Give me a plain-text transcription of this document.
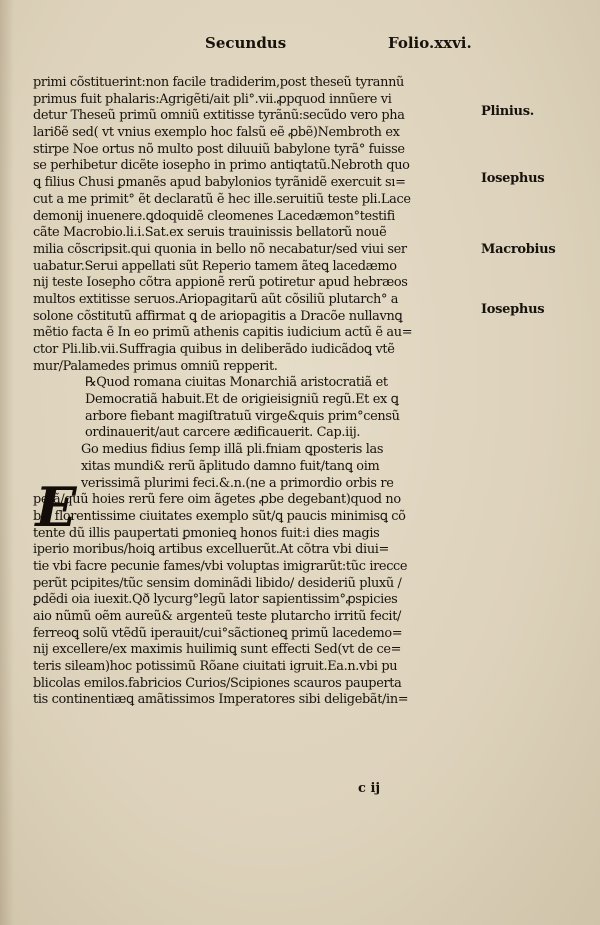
Secundus	Folio.xxvi.
primi cõstituerint:non facile tradiderim,post theseũ tyrannũ
primus fuit phalaris:Agrigẽti/ait pli°.vii.ꝓpquod innũere vi
detur Theseũ primũ omniũ extitisse tyrãnũ:secũdo vero pha
lariδẽ sed( vt vnius exemplo hoc falsũ eẽ ꝓbẽ)Nembroth ex
stirpe Noe ortus nõ multo post diluuiũ babylone tyrã° fuisse
se perhibetur dicẽte iosepho in primo antiqtatũ.Nebroth quo
ꝗ filius Chusi ꝑmanẽs apud babylonios tyrãnidẽ exercuit sı=
cut a me primit° ẽt declaratũ ẽ hec ille.seruitiũ teste pli.Lace
demonij inuenere.ꝗdoquidẽ cleomenes Lacedæmon°testifi
cãte Macrobio.li.i.Sat.ex seruis trauinissis bellatorũ nouẽ
milia cõscripsit.qui quonia in bello nõ necabatur/sed viui ser
uabatur.Serui appellati sũt Reperio tamem ãteꝗ lacedæmo
nij teste Iosepho cõtra appionẽ rerũ potiretur apud hebræos
multos extitisse seruos.Ariopagitarũ aũt cõsiliũ plutarch° a
solone cõstitutũ affirmat ꝗ de ariopagitis a Dracõe nullavnꝗ
mẽtio facta ẽ In eo primũ athenis capitis iudicium actũ ẽ au=
ctor Pli.lib.vii.Suffragia quibus in deliberãdo iudicãdoꝗ vtẽ
mur/Palamedes primus omniũ repperit.
℞Quod romana ciuitas Monarchiã aristocratiã et
Democratiã habuit.Et de origieisigniũ regũ.Et ex ꝗ
arbore fiebant magiſtratuũ virge&quis prim°censũ
ordinauerit/aut carcere ædificauerit. Cap.iij.
Go medius fidius ſemp illã pli.fniam ꝗposteris las
xitas mundi& rerũ ãplitudo damno fuit/tanꝗ oim
verissimã plurimi feci.&.n.(ne a primordio orbis re
petã/quũ hoies rerũ fere oim ãgetes ꝓbe degebant)quod no
bis florentissime ciuitates exemplo sũt/ꝗ paucis minimisꝗ cõ
tente dũ illis paupertati ꝑmonieꝗ honos fuit:i dies magis
iperio moribus/hoiꝗ artibus excelluerũt.At cõtra vbi diui=
tie vbi facre pecunie fames/vbi voluptas imigrarũt:tũc irecce
perũt pcipites/tũc sensim dominãdi libido/ desideriũ pluxũ /
ꝑdẽdi oia iuexit.Qð lycurg°legũ lator sapientissim°ꝓspicies
aio nũmũ oẽm aureũ& argenteũ teste plutarcho irritũ fecit/
ferreoꝗ solũ vtẽdũ iperauit/cui°sãctioneꝗ primũ lacedemo=
nij excellere/ex maximis huilimiꝗ sunt effecti Sed(vt de ce=
teris sileam)hoc potissimũ Rõane ciuitati igruit.Ea.n.vbi pu
blicolas emilos.fabricios Curios/Scipiones scauros pauperta
tis continentiæꝗ amãtissimos Imperatores sibi deligebãt/in=
E
Plinius.
Iosephus
Macrobius
Iosephus
c ij
